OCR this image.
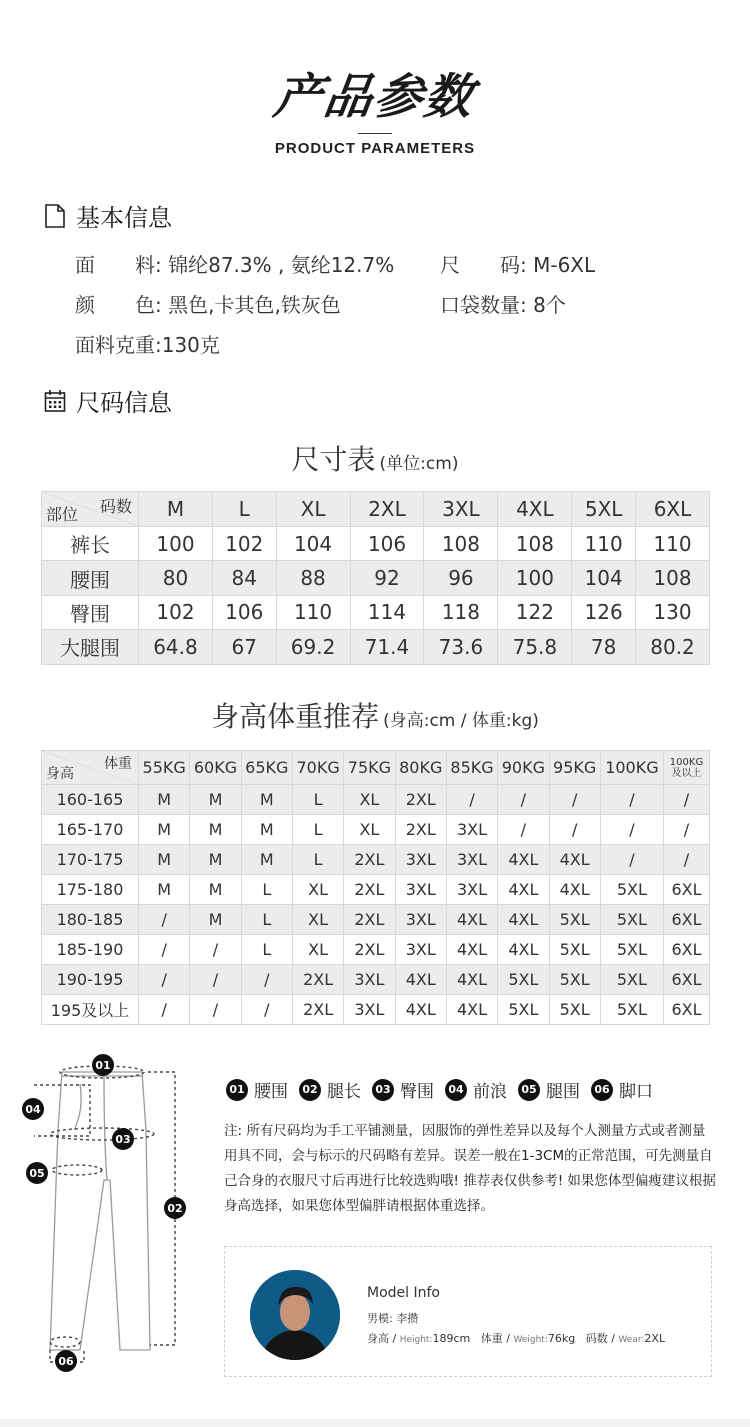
产品参数
PRODUCT PARAMETERS
基本信息
面　　料: 锦纶87.3% , 氨纶12.7% 尺　　码: M-6XL
颜　　色: 黑色,卡其色,铁灰色	口袋数量: 8个
面料克重:130克
尺码信息
尺寸表 (单位:cm)
码数
部位	M	L	XL	2XL	3XL	4XL	5XL	6XL
裤长	100	102	104	106	108	108	110	110
腰围	80	84	88	92	96	100	104	108
臀围	102	106	110	114	118	122	126	130
大腿围	64.8	67	69.2	71.4	73.6	75.8	78	80.2
身高体重推荐 (身高:cm / 体重:kg)
体重
身高	55KG	60KG	65KG	70KG	75KG	80KG	85KG	90KG	95KG	100KG	100KG及以上

160-165	M	M	M	L	XL	2XL	/	/	/	/	/
165-170	M	M	M	L	XL	2XL	3XL	/	/	/	/
170-175	M	M	M	L	2XL	3XL	3XL	4XL	4XL	/	/
175-180	M	M	L	XL	2XL	3XL	3XL	4XL	4XL	5XL	6XL
180-185	/	M	L	XL	2XL	3XL	4XL	4XL	5XL	5XL	6XL
185-190	/	/	L	XL	2XL	3XL	4XL	4XL	5XL	5XL	6XL
190-195	/	/	/	2XL	3XL	4XL	4XL	5XL	5XL	5XL	6XL
195及以上	/	/	/	2XL	3XL	4XL	4XL	5XL	5XL	5XL	6XL
01
04
03
05
02
06
01 腰围	02 腿长	03 臀围	04 前浪	05 腿围	06 脚口
注: 所有尺码均为手工平铺测量，因服饰的弹性差异以及每个人测量方式或者测量用具不同，会与标示的尺码略有差异。误差一般在1-3CM的正常范围，可先测量自己合身的衣服尺寸后再进行比较选购哦! 推荐表仅供参考! 如果您体型偏瘦建议根据身高选择，如果您体型偏胖请根据体重选择。
Model Info
男模: 李攒
身高 / Height:189cm 体重 / Weight:76kg 码数 / Wear:2XL
